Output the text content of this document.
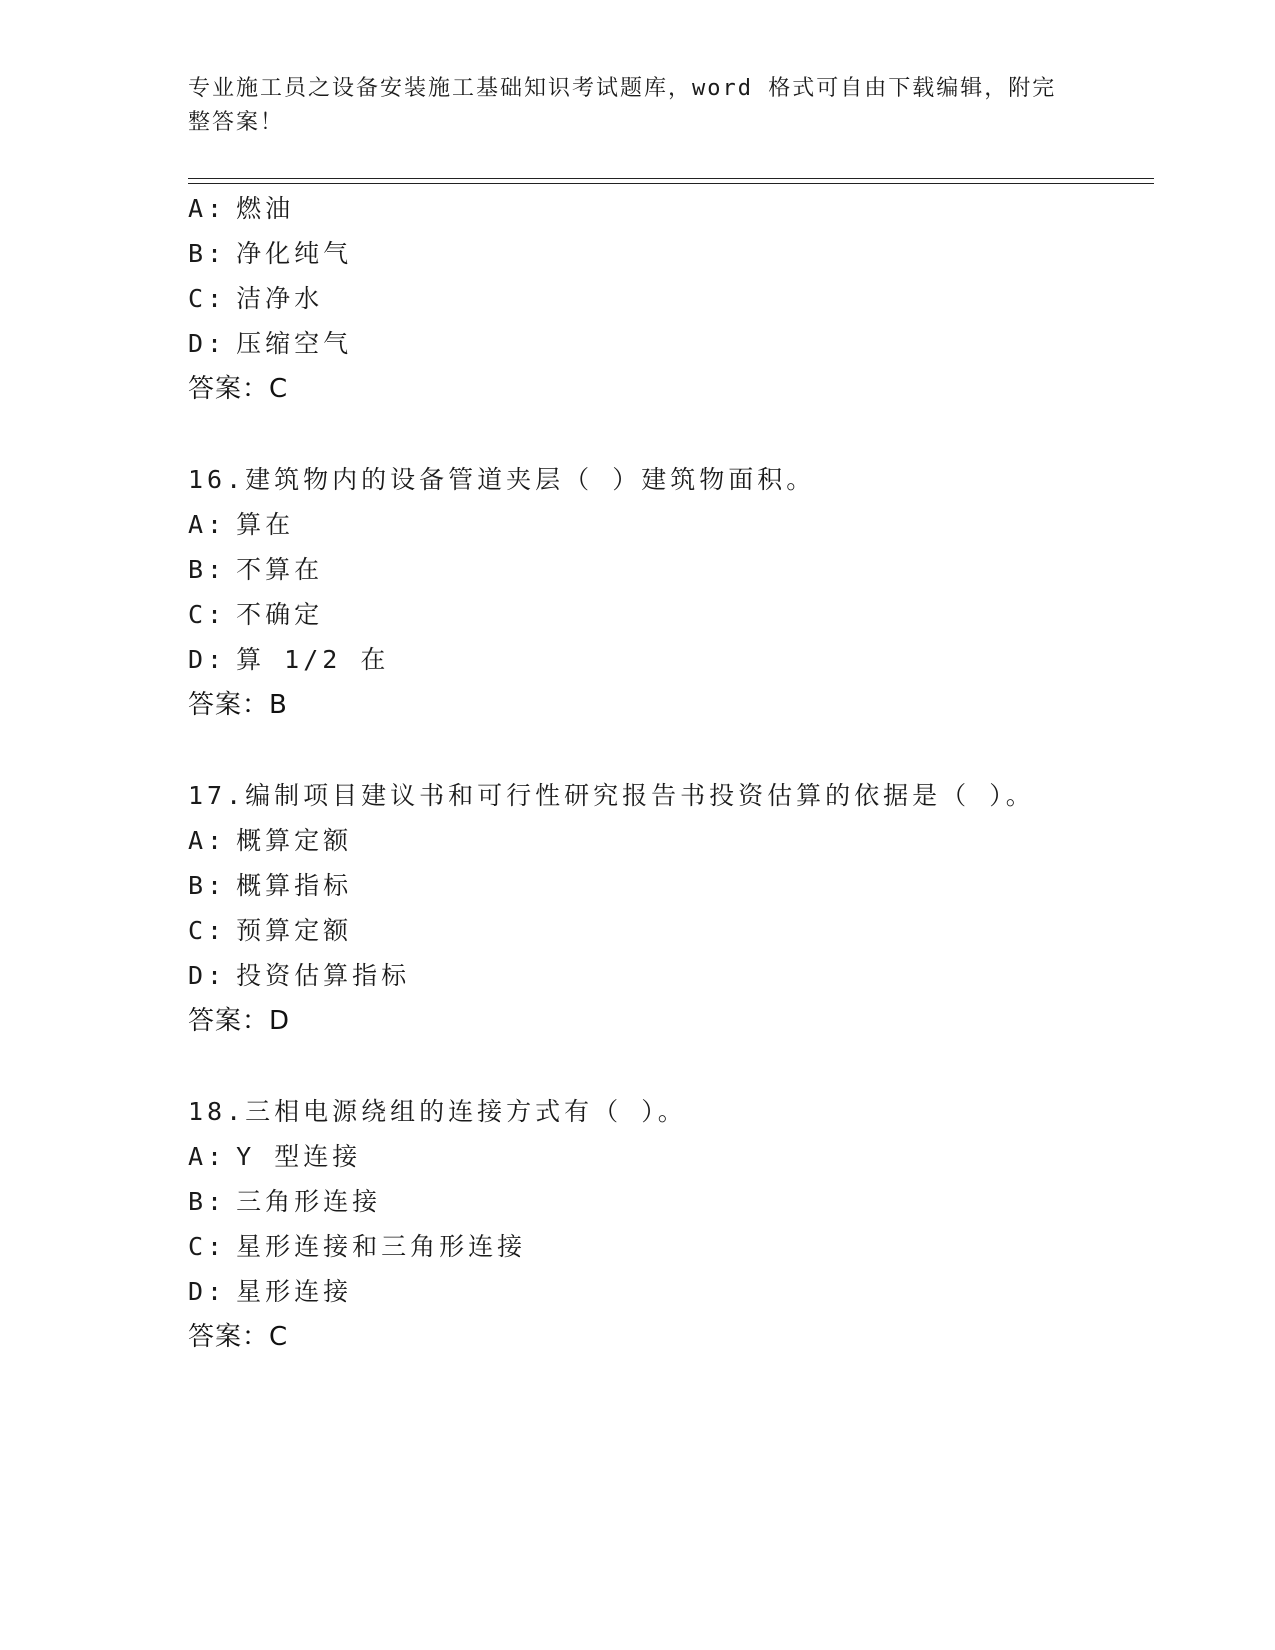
专业施工员之设备安装施工基础知识考试题库，word 格式可自由下载编辑，附完
整答案！
A: 燃油
B: 净化纯气
C: 洁净水
D: 压缩空气
答案：C
16.建筑物内的设备管道夹层（ ）建筑物面积。
A: 算在
B: 不算在
C: 不确定
D: 算 1/2 在
答案：B
17.编制项目建议书和可行性研究报告书投资估算的依据是（ ）。
A: 概算定额
B: 概算指标
C: 预算定额
D: 投资估算指标
答案：D
18.三相电源绕组的连接方式有（ ）。
A: Y 型连接
B: 三角形连接
C: 星形连接和三角形连接
D: 星形连接
答案：C
